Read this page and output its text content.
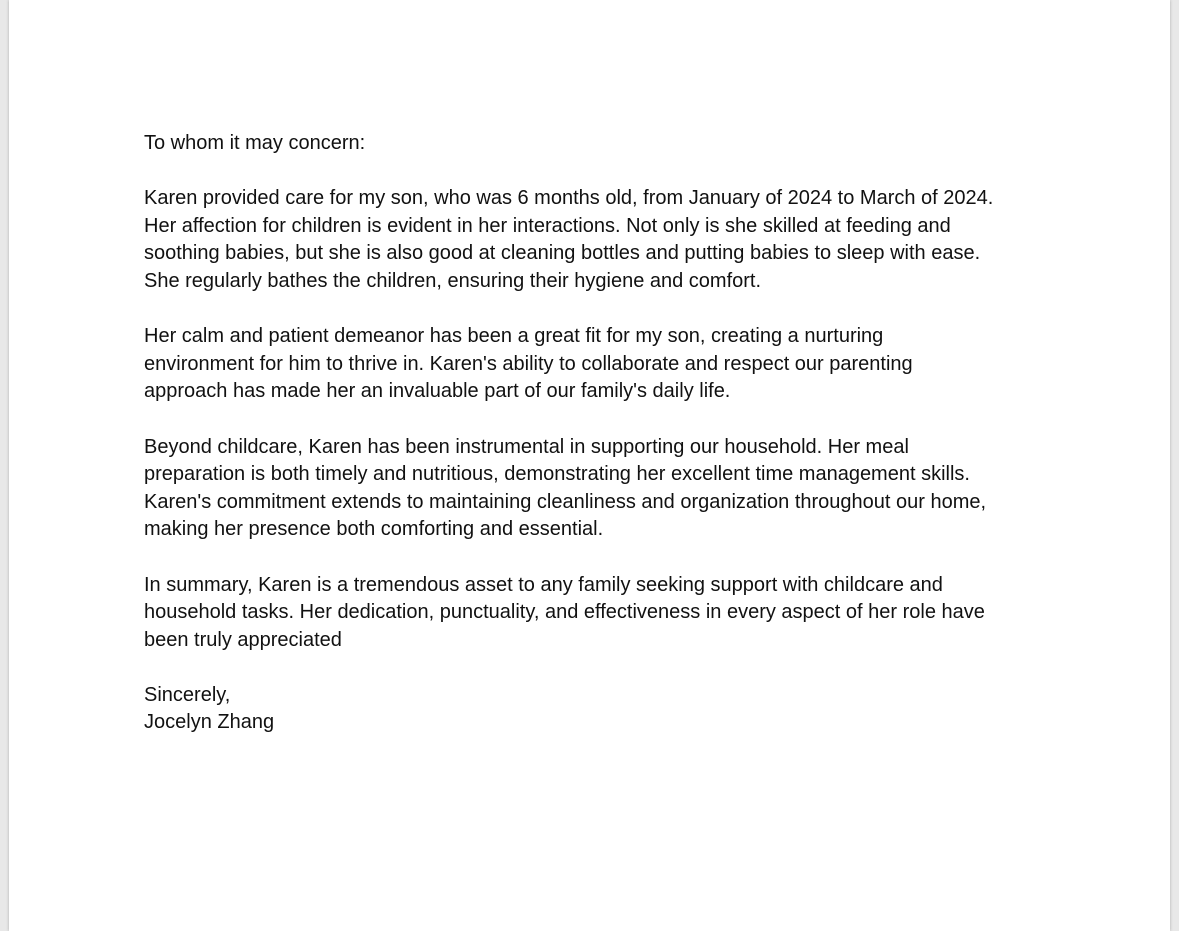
To whom it may concern:

Karen provided care for my son, who was 6 months old, from January of 2024 to March of 2024.
Her affection for children is evident in her interactions. Not only is she skilled at feeding and
soothing babies, but she is also good at cleaning bottles and putting babies to sleep with ease.
She regularly bathes the children, ensuring their hygiene and comfort.

Her calm and patient demeanor has been a great fit for my son, creating a nurturing
environment for him to thrive in. Karen's ability to collaborate and respect our parenting
approach has made her an invaluable part of our family's daily life.

Beyond childcare, Karen has been instrumental in supporting our household. Her meal
preparation is both timely and nutritious, demonstrating her excellent time management skills.
Karen's commitment extends to maintaining cleanliness and organization throughout our home,
making her presence both comforting and essential.

In summary, Karen is a tremendous asset to any family seeking support with childcare and
household tasks. Her dedication, punctuality, and effectiveness in every aspect of her role have
been truly appreciated

Sincerely,

Jocelyn Zhang
